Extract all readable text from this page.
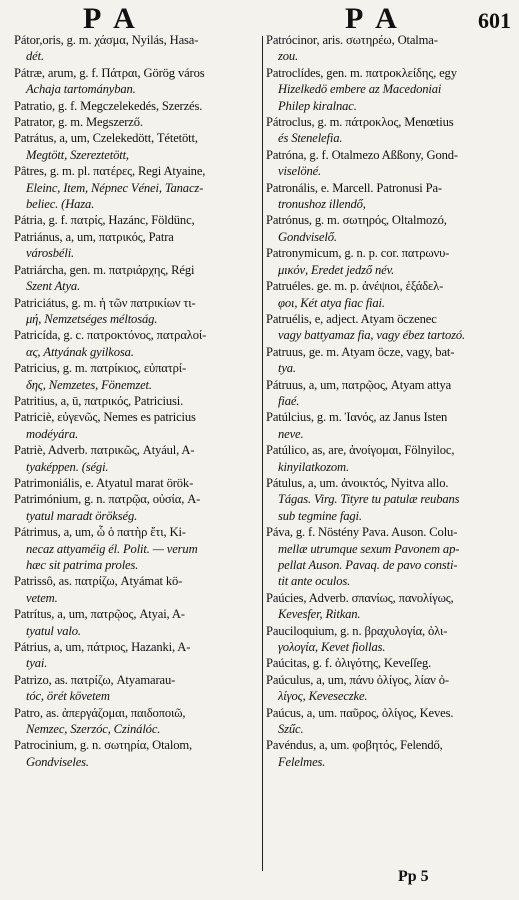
PA	PA	601
Pátor,oris, g. m. χάσμα, Nyilás, Hasa-
dét.
Pátræ, arum, g. f. Πάτραι, Görög város
Achaja tartományban.
Patratio, g. f. Megczelekedés, Szerzés.
Patrator, g. m. Megszerző.
Patrátus, a, um, Czelekedött, Tétetött,
Megtött, Szereztetött,
Pâtres, g. m. pl. πατέρες, Regi Atyaine,
Eleinc, Item, Népnec Vénei, Tanacz-
beliec. (Haza.
Pátria, g. f. πατρίς, Hazánc, Földünc,
Patriánus, a, um, πατρικός, Patra
városbéli.
Patriárcha, gen. m. πατριάρχης, Régi
Szent Atya.
Patriciátus, g. m. ἡ τῶν πατρικίων τι-
μή, Nemzetséges méltoság.
Patricída, g. c. πατροκτόνος, πατραλοί-
ας, Attyának gyilkosa.
Patricius, g. m. πατρίκιος, εὐπατρί-
δης, Nemzetes, Fönemzet.
Patritius, a, ū, πατρικός, Patriciusi.
Patriciè, εὐγενῶς, Nemes es patricius
modéyára.
Patriè, Adverb. πατρικῶς, Atyául, A-
tyaképpen. (ségi.
Patrimoniális, e. Atyatul marat örök-
Patrimónium, g. n. πατρῷα, οὐσία, A-
tyatul maradt örökség.
Pátrimus, a, um, ὧ ὁ πατὴρ ἔτι, Ki-
necaz attyaméig él. Polit. — verum
hæc sit patrima proles.
Patrissô, as. πατρίζω, Atyámat kö-
vetem.
Patrítus, a, um, πατρῷος, Atyai, A-
tyatul valo.
Pátrius, a, um, πάτριος, Hazanki, A-
tyai.
Patrizo, as. πατρίζω, Atyamarau-
tóc, örét követem
Patro, as. ἀπεργάζομαι, παιδοποιῶ,
Nemzec, Szerzóc, Czinálóc.
Patrocinium, g. n. σωτηρία, Otalom,
Gondviseles.
Patrócinor, aris. σωτηρέω, Otalma-
zou.
Patroclídes, gen. m. πατροκλείδης, egy
Hizelkedö embere az Macedoniai
Philep kiralnac.
Pátroclus, g. m. πάτροκλος, Menœtius
és Stenelefia.
Patróna, g. f. Otalmezo Aßßony, Gond-
viselöné.
Patronális, e. Marcell. Patronusi Pa-
tronushoz illendő,
Patrónus, g. m. σωτηρός, Oltalmozó,
Gondviselő.
Patronymicum, g. n. p. cor. πατρωνυ-
μικόν, Eredet jedző név.
Patruéles. ge. m. p. ἀνέψιοι, ἐξάδελ-
φοι, Két atya fiac fiai.
Patruélis, e, adject. Atyam öczenec
vagy battyamaz fia, vagy ébez tartozó.
Patruus, ge. m. Atyam öcze, vagy, bat-
tya.
Pátruus, a, um, πατρῷος, Atyam attya
fiaé.
Patúlcius, g. m. Ἰανός, az Janus Isten
neve.
Patúlico, as, are, ἀνοίγομαι, Fölnyiloc,
kinyilatkozom.
Pátulus, a, um. ἀνοικτός, Nyitva allo.
Tágas. Virg. Tityre tu patulæ reubans
sub tegmine fagi.
Páva, g. f. Nöstény Pava. Auson. Colu-
mellæ utrumque sexum Pavonem ap-
pellat Auson. Pavaq. de pavo consti-
tit ante oculos.
Paúcies, Adverb. σπανίως, πανολίγως,
Kevesfer, Ritkan.
Pauciloquium, g. n. βραχυλογία, ὀλι-
γολογία, Kevet fiollas.
Paúcitas, g. f. ὀλιγότης, Keveſſeg.
Paúculus, a, um, πάνυ ὀλίγος, λίαν ὀ-
λίγος, Keveseczke.
Paúcus, a, um. παῦρος, ὀλίγος, Keves.
Szűc.
Pavéndus, a, um. φοβητός, Felendő,
Felelmes.
Pp 5
